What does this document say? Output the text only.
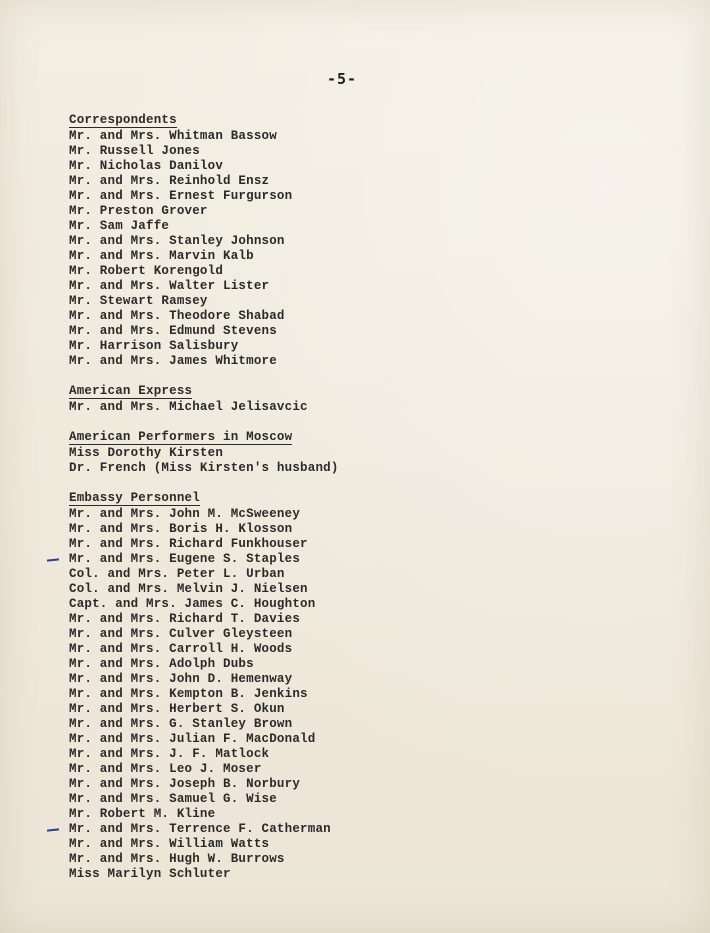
-5-
Correspondents
Mr. and Mrs. Whitman Bassow
Mr. Russell Jones
Mr. Nicholas Danilov
Mr. and Mrs. Reinhold Ensz
Mr. and Mrs. Ernest Furgurson
Mr. Preston Grover
Mr. Sam Jaffe
Mr. and Mrs. Stanley Johnson
Mr. and Mrs. Marvin Kalb
Mr. Robert Korengold
Mr. and Mrs. Walter Lister
Mr. Stewart Ramsey
Mr. and Mrs. Theodore Shabad
Mr. and Mrs. Edmund Stevens
Mr. Harrison Salisbury
Mr. and Mrs. James Whitmore
American Express
Mr. and Mrs. Michael Jelisavcic
American Performers in Moscow
Miss Dorothy Kirsten
Dr. French (Miss Kirsten's husband)
Embassy Personnel
Mr. and Mrs. John M. McSweeney
Mr. and Mrs. Boris H. Klosson
Mr. and Mrs. Richard Funkhouser
Mr. and Mrs. Eugene S. Staples
Col. and Mrs. Peter L. Urban
Col. and Mrs. Melvin J. Nielsen
Capt. and Mrs. James C. Houghton
Mr. and Mrs. Richard T. Davies
Mr. and Mrs. Culver Gleysteen
Mr. and Mrs. Carroll H. Woods
Mr. and Mrs. Adolph Dubs
Mr. and Mrs. John D. Hemenway
Mr. and Mrs. Kempton B. Jenkins
Mr. and Mrs. Herbert S. Okun
Mr. and Mrs. G. Stanley Brown
Mr. and Mrs. Julian F. MacDonald
Mr. and Mrs. J. F. Matlock
Mr. and Mrs. Leo J. Moser
Mr. and Mrs. Joseph B. Norbury
Mr. and Mrs. Samuel G. Wise
Mr. Robert M. Kline
Mr. and Mrs. Terrence F. Catherman
Mr. and Mrs. William Watts
Mr. and Mrs. Hugh W. Burrows
Miss Marilyn Schluter
